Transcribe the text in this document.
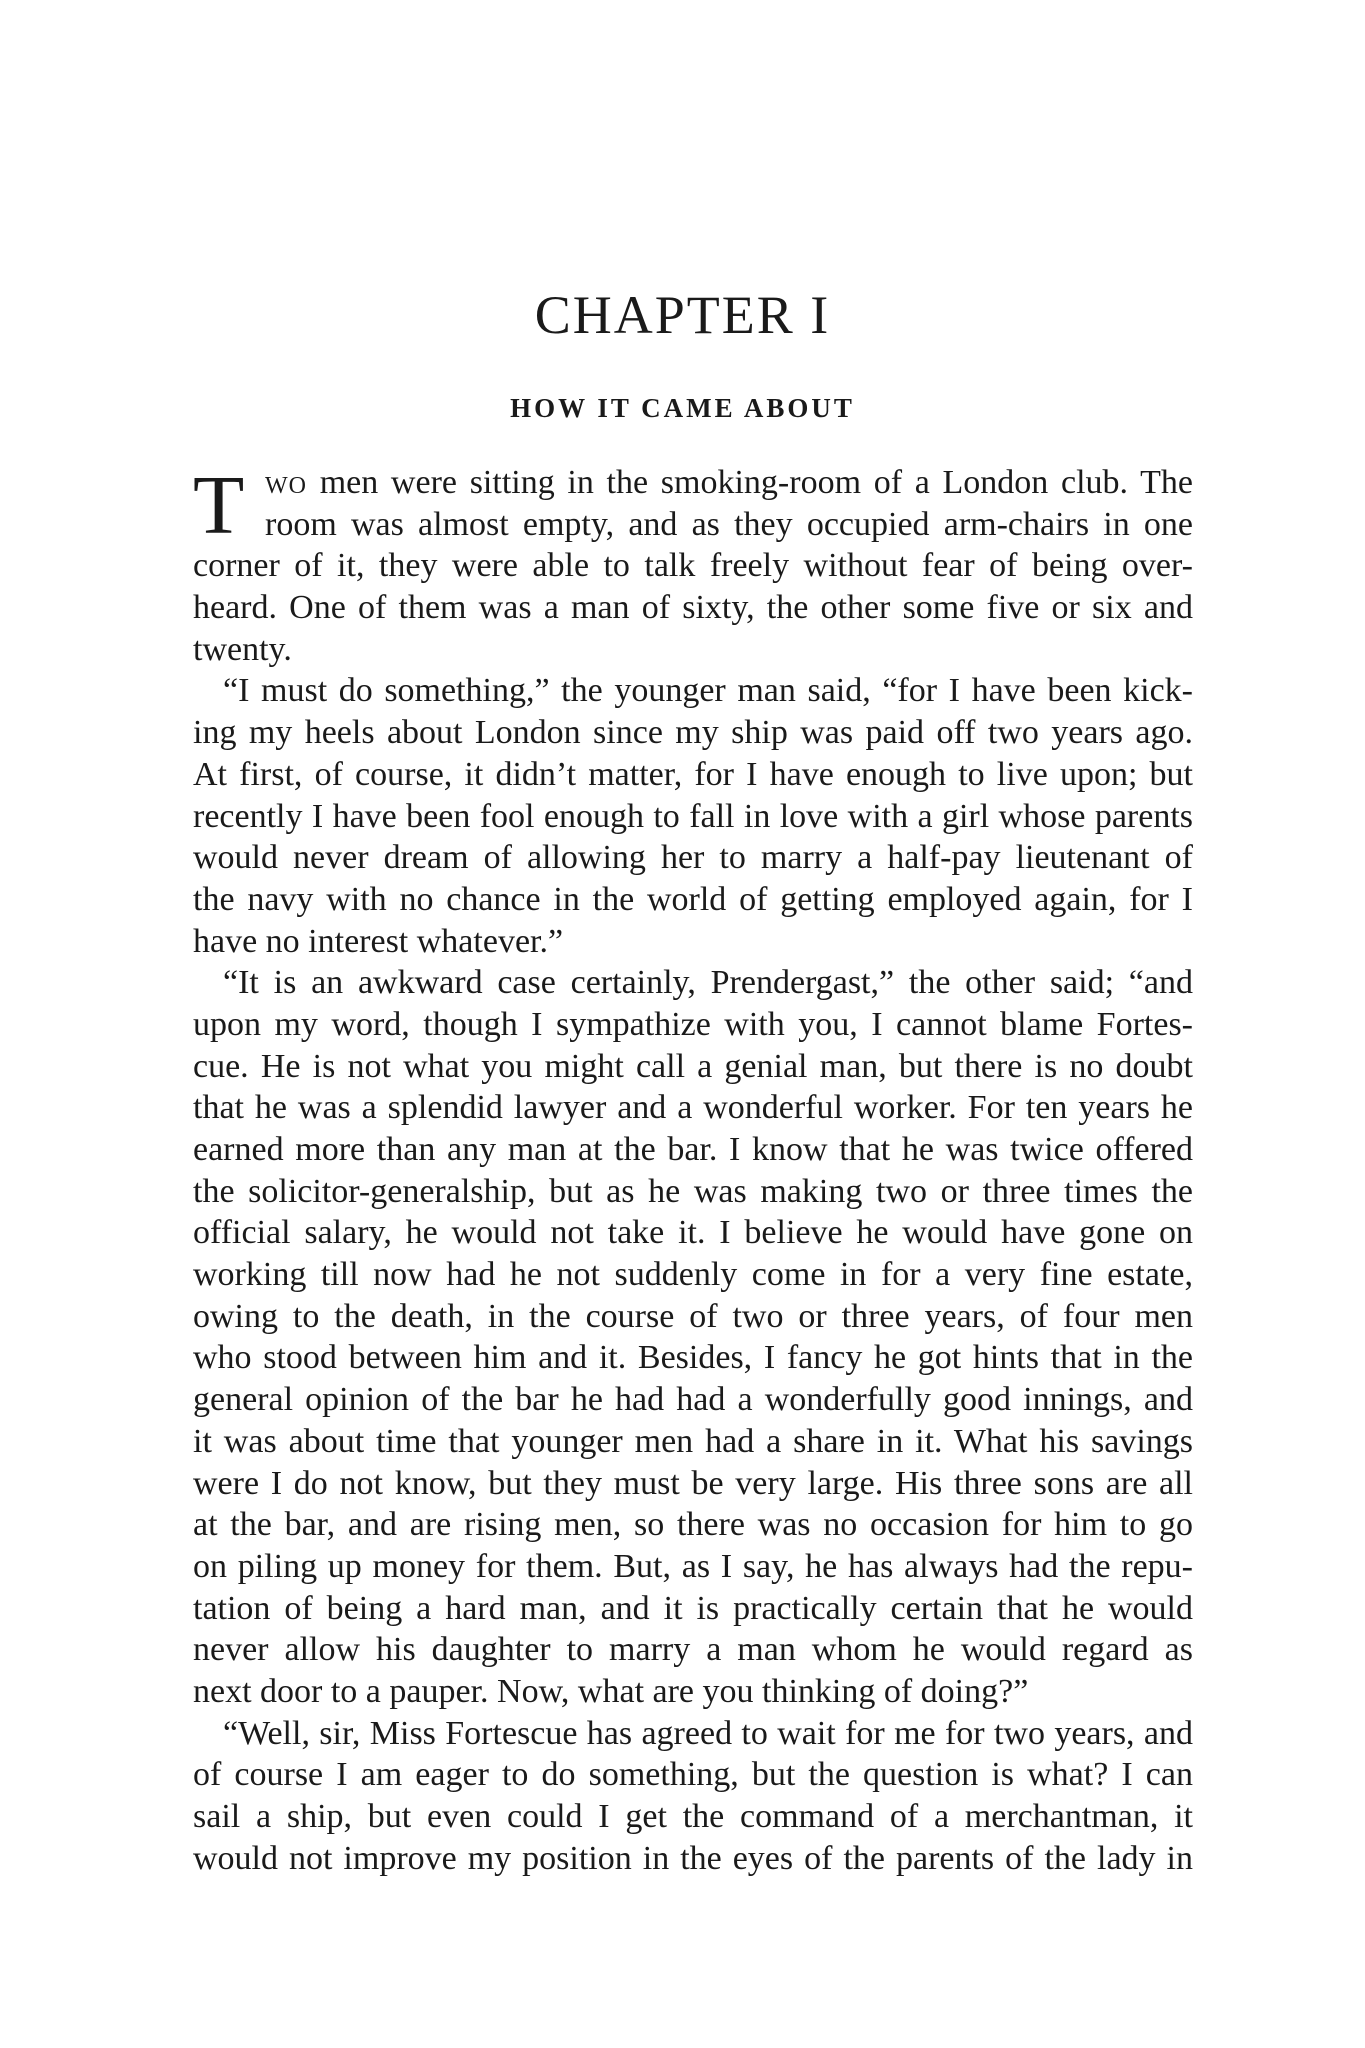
CHAPTER I
HOW IT CAME ABOUT
T wo men were sitting in the smoking-room of a London club. The
room was almost empty, and as they occupied arm-chairs in one
corner of it, they were able to talk freely without fear of being over-
heard. One of them was a man of sixty, the other some five or six and
twenty.
“I must do something,” the younger man said, “for I have been kick-
ing my heels about London since my ship was paid off two years ago.
At first, of course, it didn’t matter, for I have enough to live upon; but
recently I have been fool enough to fall in love with a girl whose parents
would never dream of allowing her to marry a half-pay lieutenant of
the navy with no chance in the world of getting employed again, for I
have no interest whatever.”
“It is an awkward case certainly, Prendergast,” the other said; “and
upon my word, though I sympathize with you, I cannot blame Fortes-
cue. He is not what you might call a genial man, but there is no doubt
that he was a splendid lawyer and a wonderful worker. For ten years he
earned more than any man at the bar. I know that he was twice offered
the solicitor-generalship, but as he was making two or three times the
official salary, he would not take it. I believe he would have gone on
working till now had he not suddenly come in for a very fine estate,
owing to the death, in the course of two or three years, of four men
who stood between him and it. Besides, I fancy he got hints that in the
general opinion of the bar he had had a wonderfully good innings, and
it was about time that younger men had a share in it. What his savings
were I do not know, but they must be very large. His three sons are all
at the bar, and are rising men, so there was no occasion for him to go
on piling up money for them. But, as I say, he has always had the repu-
tation of being a hard man, and it is practically certain that he would
never allow his daughter to marry a man whom he would regard as
next door to a pauper. Now, what are you thinking of doing?”
“Well, sir, Miss Fortescue has agreed to wait for me for two years, and
of course I am eager to do something, but the question is what? I can
sail a ship, but even could I get the command of a merchantman, it
would not improve my position in the eyes of the parents of the lady in
